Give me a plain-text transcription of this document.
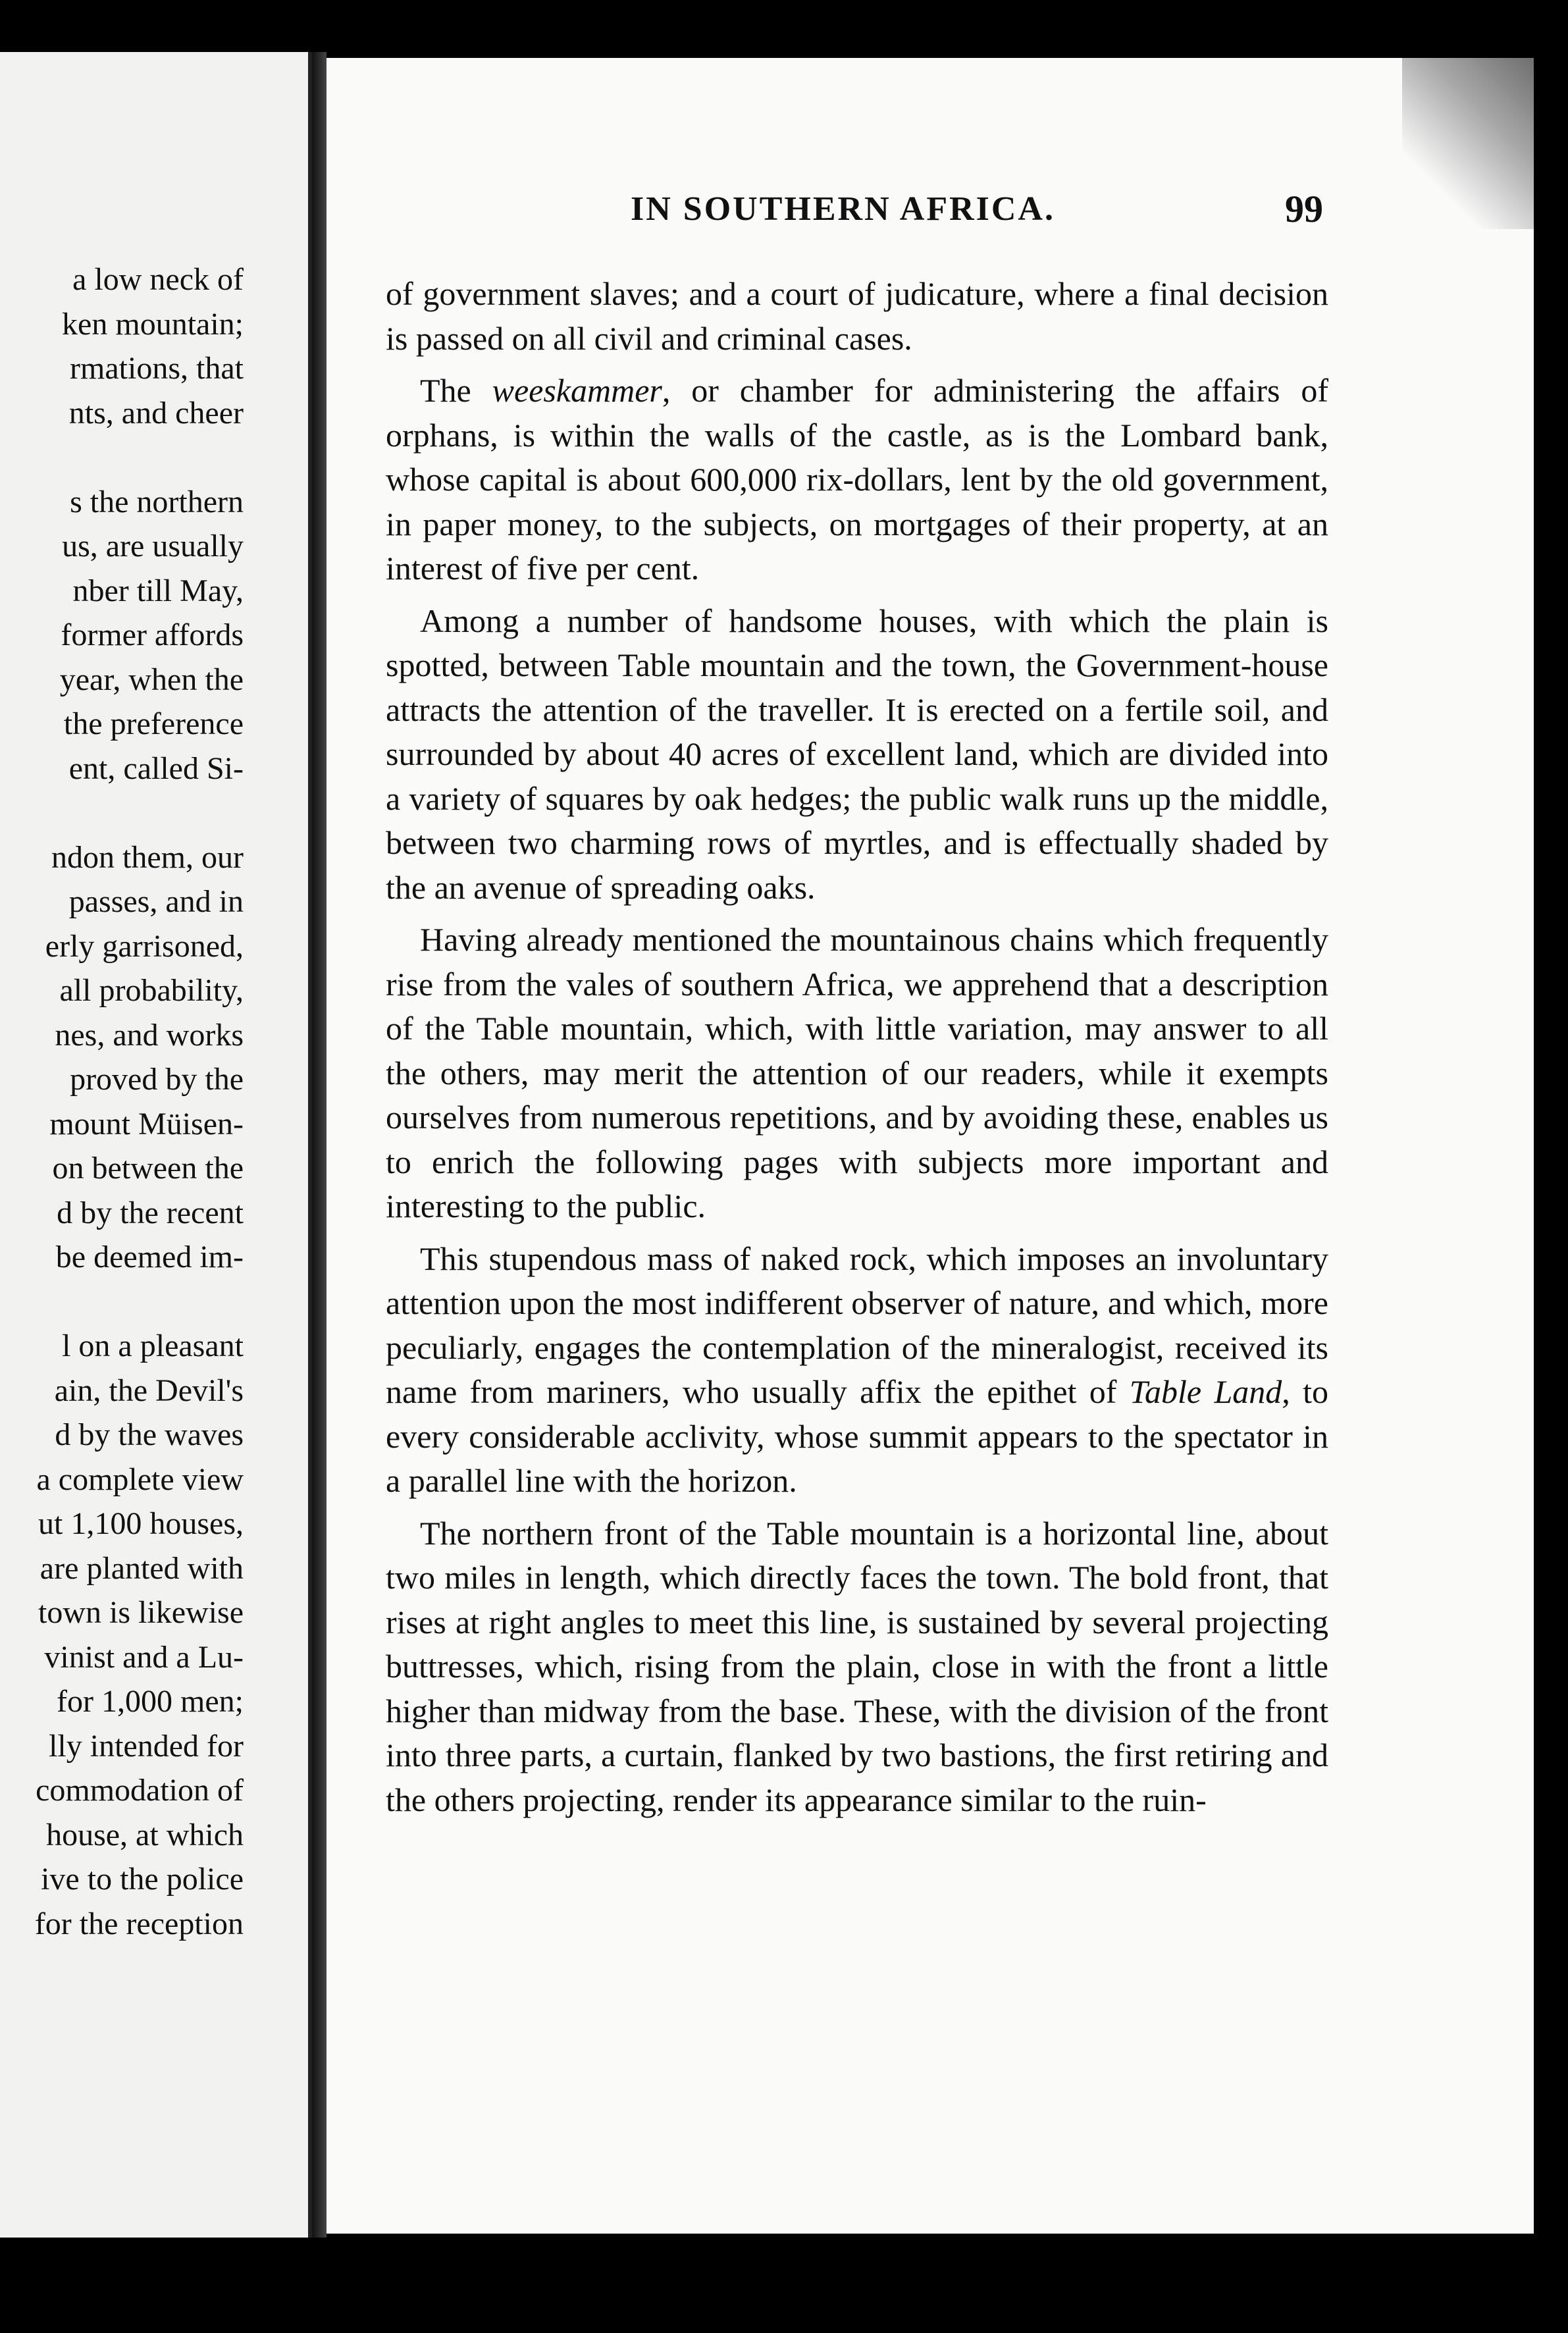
a low neck of
ken mountain;
rmations, that
nts, and cheer
s the northern
us, are usually
nber till May,
former affords
year, when the
the preference
ent, called Si-
ndon them, our
passes, and in
erly garrisoned,
all probability,
nes, and works
proved by the
mount Müisen-
on between the
d by the recent
be deemed im-
l on a pleasant
ain, the Devil's
d by the waves
a complete view
ut 1,100 houses,
are planted with
town is likewise
vinist and a Lu-
for 1,000 men;
lly intended for
commodation of
house, at which
ive to the police
for the reception
IN SOUTHERN AFRICA.	99

of government slaves; and a court of judicature, where a final decision is passed on all civil and criminal cases.

The weeskammer, or chamber for administering the affairs of orphans, is within the walls of the castle, as is the Lombard bank, whose capital is about 600,000 rix-dollars, lent by the old government, in paper money, to the subjects, on mortgages of their property, at an interest of five per cent.

Among a number of handsome houses, with which the plain is spotted, between Table mountain and the town, the Government-house attracts the attention of the traveller. It is erected on a fertile soil, and surrounded by about 40 acres of excellent land, which are divided into a variety of squares by oak hedges; the public walk runs up the middle, between two charming rows of myrtles, and is effectually shaded by the an avenue of spreading oaks.

Having already mentioned the mountainous chains which frequently rise from the vales of southern Africa, we apprehend that a description of the Table mountain, which, with little variation, may answer to all the others, may merit the attention of our readers, while it exempts ourselves from numerous repetitions, and by avoiding these, enables us to enrich the following pages with subjects more important and interesting to the public.

This stupendous mass of naked rock, which imposes an involuntary attention upon the most indifferent observer of nature, and which, more peculiarly, engages the contemplation of the mineralogist, received its name from mariners, who usually affix the epithet of Table Land, to every considerable acclivity, whose summit appears to the spectator in a parallel line with the horizon.

The northern front of the Table mountain is a horizontal line, about two miles in length, which directly faces the town. The bold front, that rises at right angles to meet this line, is sustained by several projecting buttresses, which, rising from the plain, close in with the front a little higher than midway from the base. These, with the division of the front into three parts, a curtain, flanked by two bastions, the first retiring and the others projecting, render its appearance similar to the ruin-
